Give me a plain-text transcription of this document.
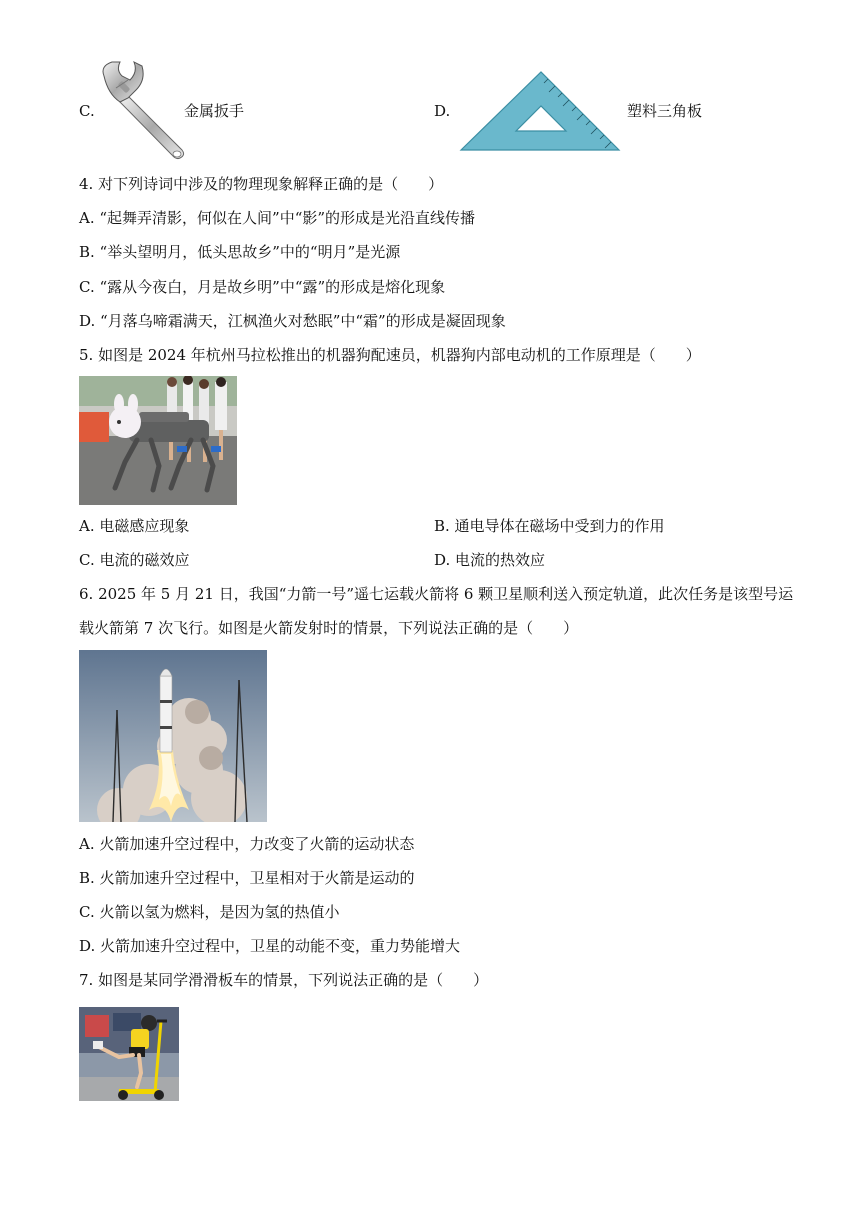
C.	金属扳手	D.	塑料三角板
4. 对下列诗词中涉及的物理现象解释正确的是（　　）
A. “起舞弄清影，何似在人间”中“影”的形成是光沿直线传播
B. “举头望明月，低头思故乡”中的“明月”是光源
C. “露从今夜白，月是故乡明”中“露”的形成是熔化现象
D. “月落乌啼霜满天，江枫渔火对愁眠”中“霜”的形成是凝固现象
5. 如图是 2024 年杭州马拉松推出的机器狗配速员，机器狗内部电动机的工作原理是（　　）
A. 电磁感应现象	B. 通电导体在磁场中受到力的作用
C. 电流的磁效应	D. 电流的热效应
6. 2025 年 5 月 21 日，我国“力箭一号”遥七运载火箭将 6 颗卫星顺利送入预定轨道，此次任务是该型号运
载火箭第 7 次飞行。如图是火箭发射时的情景，下列说法正确的是（　　）
A. 火箭加速升空过程中，力改变了火箭的运动状态
B. 火箭加速升空过程中，卫星相对于火箭是运动的
C. 火箭以氢为燃料，是因为氢的热值小
D. 火箭加速升空过程中，卫星的动能不变，重力势能增大
7. 如图是某同学滑滑板车的情景，下列说法正确的是（　　）
